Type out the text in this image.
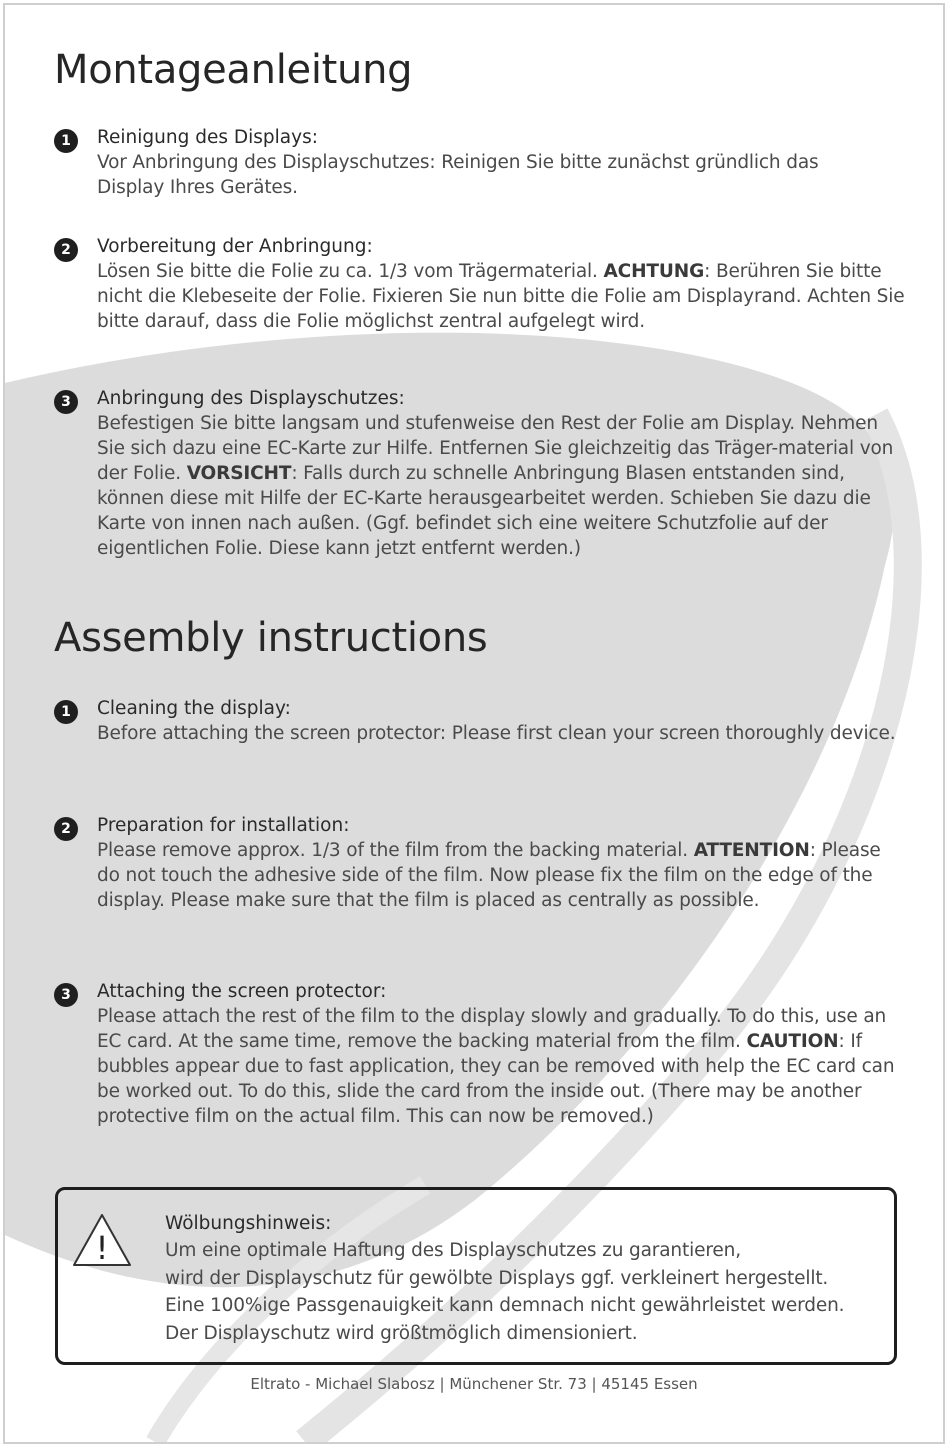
Montageanleitung
1	Reinigung des Displays:
Vor Anbringung des Displayschutzes: Reinigen Sie bitte zunächst gründlich das
Display Ihres Gerätes.
2	Vorbereitung der Anbringung:
Lösen Sie bitte die Folie zu ca. 1/3 vom Trägermaterial. ACHTUNG: Berühren Sie bitte nicht die Klebeseite der Folie. Fixieren Sie nun bitte die Folie am Displayrand. Achten Sie bitte darauf, dass die Folie möglichst zentral aufgelegt wird.
3	Anbringung des Displayschutzes:
Befestigen Sie bitte langsam und stufenweise den Rest der Folie am Display. Nehmen Sie sich dazu eine EC-Karte zur Hilfe. Entfernen Sie gleichzeitig das Träger-material von der Folie. VORSICHT: Falls durch zu schnelle Anbringung Blasen entstanden sind, können diese mit Hilfe der EC-Karte herausgearbeitet werden. Schieben Sie dazu die Karte von innen nach außen. (Ggf. befindet sich eine weitere Schutzfolie auf der eigentlichen Folie. Diese kann jetzt entfernt werden.)
Assembly instructions
1	Cleaning the display:
Before attaching the screen protector: Please first clean your screen thoroughly device.
2	Preparation for installation:
Please remove approx. 1/3 of the film from the backing material. ATTENTION: Please do not touch the adhesive side of the film. Now please fix the film on the edge of the display. Please make sure that the film is placed as centrally as possible.
3	Attaching the screen protector:
Please attach the rest of the film to the display slowly and gradually. To do this, use an EC card. At the same time, remove the backing material from the film. CAUTION: If bubbles appear due to fast application, they can be removed with help the EC card can be worked out. To do this, slide the card from the inside out. (There may be another protective film on the actual film. This can now be removed.)
!
Wölbungshinweis:
Um eine optimale Haftung des Displayschutzes zu garantieren,
wird der Displayschutz für gewölbte Displays ggf. verkleinert hergestellt.
Eine 100%ige Passgenauigkeit kann demnach nicht gewährleistet werden.
Der Displayschutz wird größtmöglich dimensioniert.
Eltrato - Michael Slabosz | Münchener Str. 73 | 45145 Essen
